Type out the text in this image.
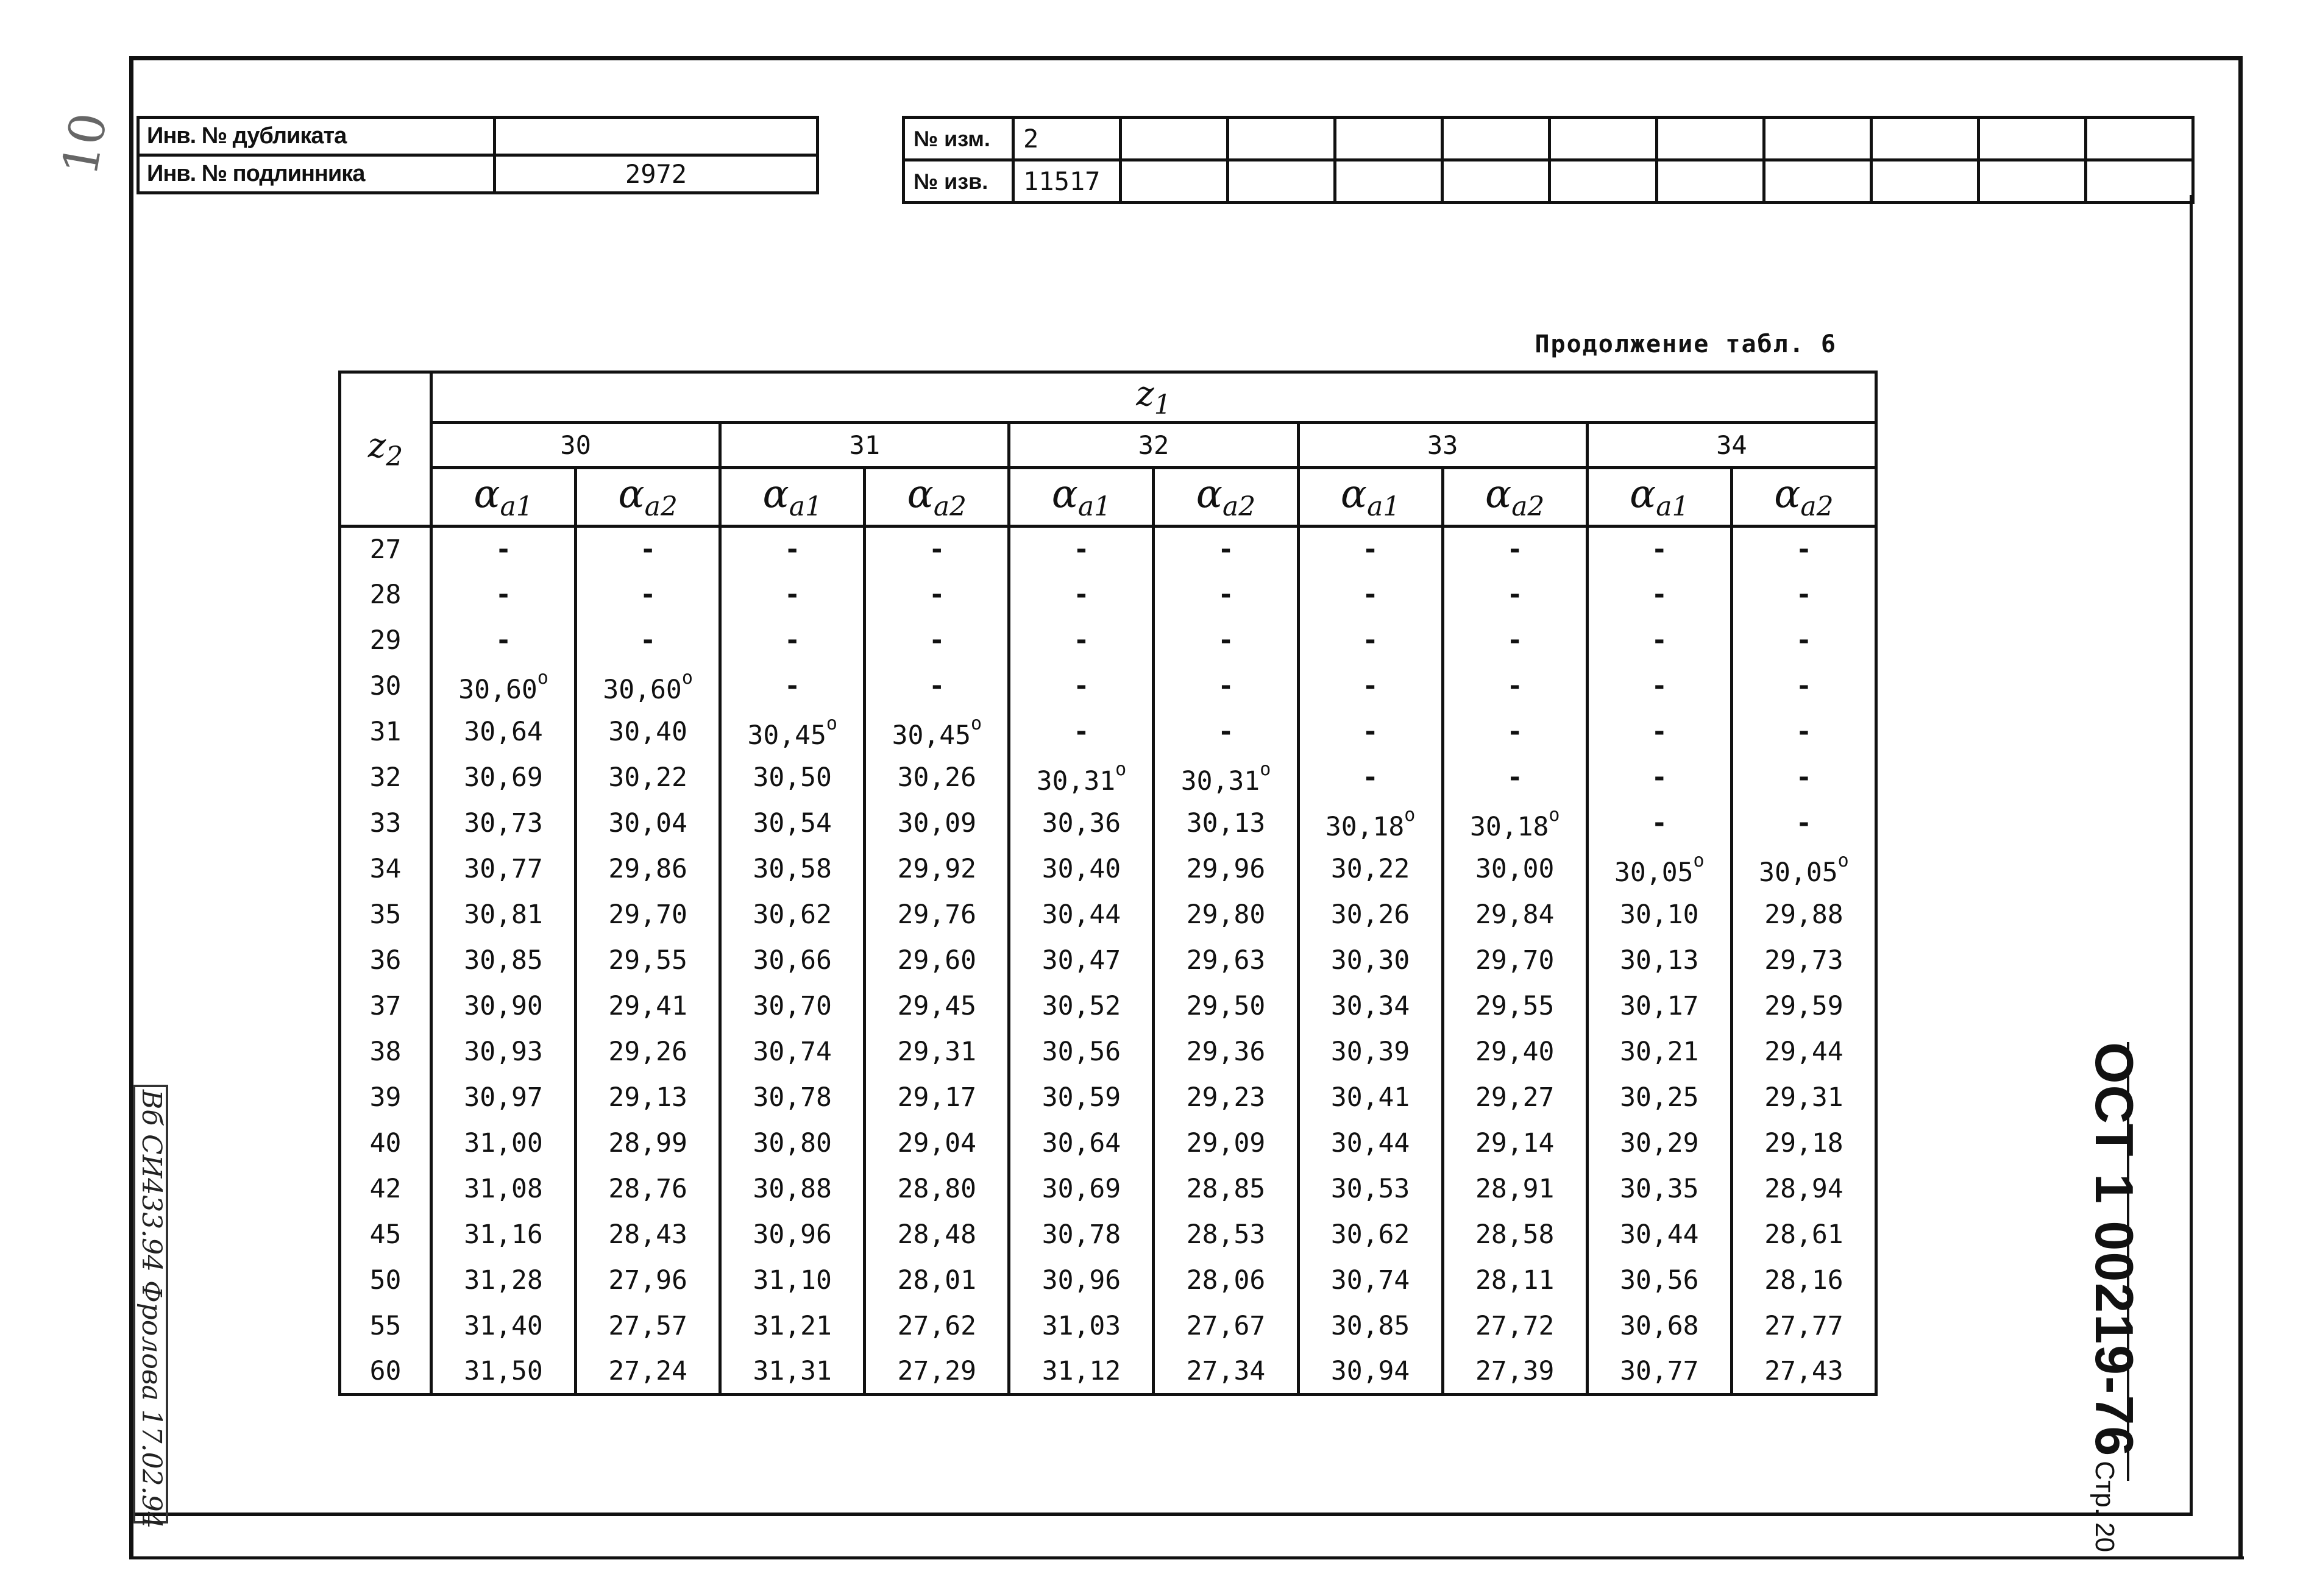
10 Инв. № дубликата	
Инв. № подлинника	2972
№ изм.	2										
№ изв.	11517										
Продолжение табл. 6
$z_2$	$z_1$
	30		31		32		33		34	
	$\alpha_{a1}$	$\alpha_{a2}$	$\alpha_{a1}$	$\alpha_{a2}$	$\alpha_{a1}$	$\alpha_{a2}$	$\alpha_{a1}$	$\alpha_{a2}$	$\alpha_{a1}$	$\alpha_{a2}$
27	-	-	-	-	-	-	-	-	-	-
28	-	-	-	-	-	-	-	-	-	-
29	-	-	-	-	-	-	-	-	-	-
30	30,60$^o$	30,60$^o$	-	-	-	-	-	-	-	-
31	30,64	30,40	30,45$^o$	30,45$^o$	-	-	-	-	-	-
32	30,69	30,22	30,50	30,26	30,31$^o$	30,31$^o$	-	-	-	-
33	30,73	30,04	30,54	30,09	30,36	30,13	30,18$^o$	30,18$^o$	-	-
34	30,77	29,86	30,58	29,92	30,40	29,96	30,22	30,00	30,05$^o$	30,05$^o$
35	30,81	29,70	30,62	29,76	30,44	29,80	30,26	29,84	30,10	29,88
36	30,85	29,55	30,66	29,60	30,47	29,63	30,30	29,70	30,13	29,73
37	30,90	29,41	30,70	29,45	30,52	29,50	30,34	29,55	30,17	29,59
38	30,93	29,26	30,74	29,31	30,56	29,36	30,39	29,40	30,21	29,44
39	30,97	29,13	30,78	29,17	30,59	29,23	30,41	29,27	30,25	29,31
40	31,00	28,99	30,80	29,04	30,64	29,09	30,44	29,14	30,29	29,18
42	31,08	28,76	30,88	28,80	30,69	28,85	30,53	28,91	30,35	28,94
45	31,16	28,43	30,96	28,48	30,78	28,53	30,62	28,58	30,44	28,61
50	31,28	27,96	31,10	28,01	30,96	28,06	30,74	28,11	30,56	28,16
55	31,40	27,57	31,21	27,62	31,03	27,67	30,85	27,72	30,68	27,77
60	31,50	27,24	31,31	27,29	31,12	27,34	30,94	27,39	30,77	27,43	ОСТ 1 00219-76Стр. 20
Вб СИ433.94 Фролова 17.02.94
